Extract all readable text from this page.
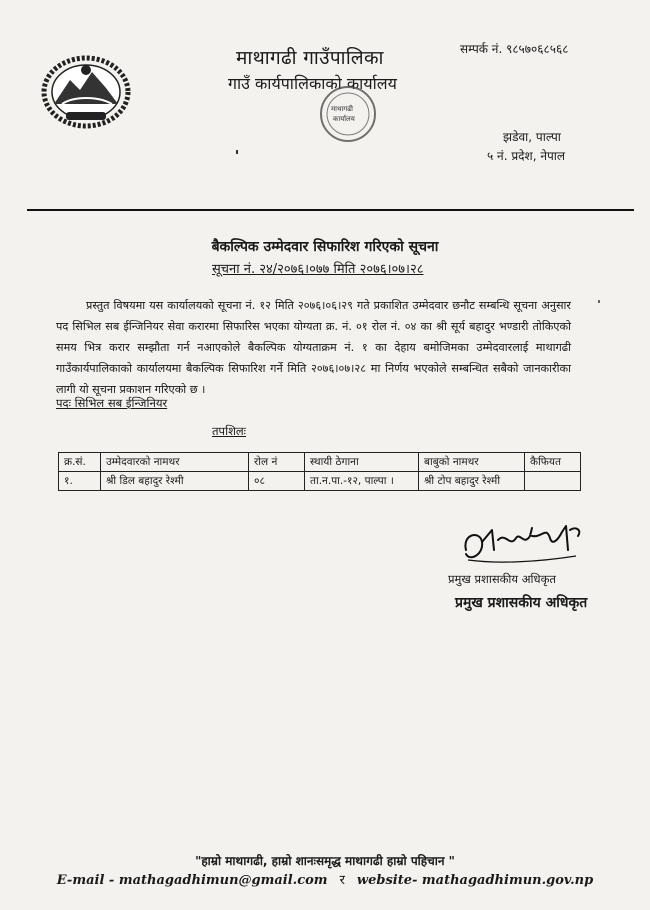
माथागढी गाउँपालिका
गाउँ कार्यपालिकाको कार्यालय
सम्पर्क नं. ९८५७०६८५६८
माथागढी
कार्यालय
झडेवा, पाल्पा
५ नं. प्रदेश, नेपाल
बैकल्पिक उम्मेदवार सिफारिश गरिएको सूचना
सूचना नं. २४/२०७६।०७७ मिति २०७६।०७।२८
प्रस्तुत विषयमा यस कार्यालयको सूचना नं. १२ मिति २०७६।०६।२९ गते प्रकाशित उम्मेदवार छनौट सम्बन्धि सूचना अनुसार पद सिभिल सब ईन्जिनियर सेवा करारमा सिफारिस भएका योग्यता क्र. नं. ०१ रोल नं. ०४ का श्री सूर्य बहादुर भण्डारी तोकिएको समय भित्र करार सम्झौता गर्न नआएकोले बैकल्पिक योग्यताक्रम नं. १ का देहाय बमोजिमका उम्मेदवारलाई माथागढी गाउँकार्यपालिकाको कार्यालयमा बैकल्पिक सिफारिश गर्ने मिति २०७६।०७।२८ मा निर्णय भएकोले सम्बन्धित सबैको जानकारीका लागी यो सूचना प्रकाशन गरिएको छ ।
पदः सिभिल सब ईन्जिनियर
तपशिलः
क्र.सं.	उम्मेदवारको नामथर	रोल नं	स्थायी ठेगाना	बाबुको नामथर	कैफियत
१.	श्री डिल बहादुर रेश्मी	०८	ता.न.पा.-१२, पाल्पा ।	श्री टोप बहादुर रेश्मी	
प्रमुख प्रशासकीय अधिकृत
प्रमुख प्रशासकीय अधिकृत
"हाम्रो माथागढी, हाम्रो शानःसमृद्ध माथागढी हाम्रो पहिचान "
E-mail - mathagadhimun@gmail.com र website- mathagadhimun.gov.np
